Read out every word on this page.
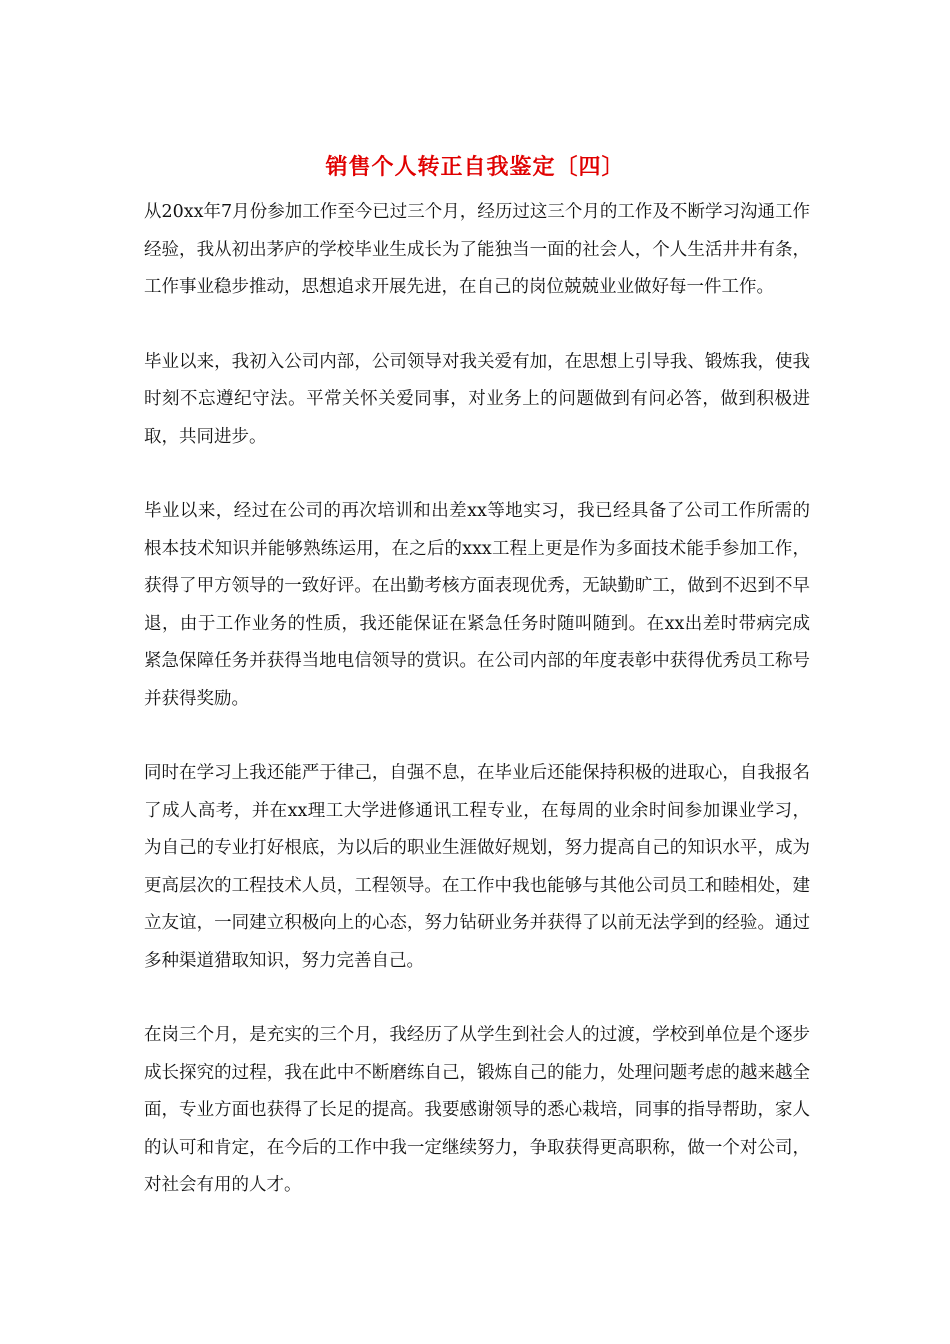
销售个人转正自我鉴定〔四〕

从20xx年7月份参加工作至今已过三个月，经历过这三个月的工作及不断学习沟通工作经验，我从初出茅庐的学校毕业生成长为了能独当一面的社会人，个人生活井井有条，工作事业稳步推动，思想追求开展先进，在自己的岗位兢兢业业做好每一件工作。

毕业以来，我初入公司内部，公司领导对我关爱有加，在思想上引导我、锻炼我，使我时刻不忘遵纪守法。平常关怀关爱同事，对业务上的问题做到有问必答，做到积极进取，共同进步。

毕业以来，经过在公司的再次培训和出差xx等地实习，我已经具备了公司工作所需的根本技术知识并能够熟练运用，在之后的xxx工程上更是作为多面技术能手参加工作，获得了甲方领导的一致好评。在出勤考核方面表现优秀，无缺勤旷工，做到不迟到不早退，由于工作业务的性质，我还能保证在紧急任务时随叫随到。在xx出差时带病完成紧急保障任务并获得当地电信领导的赏识。在公司内部的年度表彰中获得优秀员工称号并获得奖励。

同时在学习上我还能严于律己，自强不息，在毕业后还能保持积极的进取心，自我报名了成人高考，并在xx理工大学进修通讯工程专业，在每周的业余时间参加课业学习，为自己的专业打好根底，为以后的职业生涯做好规划，努力提高自己的知识水平，成为更高层次的工程技术人员，工程领导。在工作中我也能够与其他公司员工和睦相处，建立友谊，一同建立积极向上的心态，努力钻研业务并获得了以前无法学到的经验。通过多种渠道猎取知识，努力完善自己。

在岗三个月，是充实的三个月，我经历了从学生到社会人的过渡，学校到单位是个逐步成长探究的过程，我在此中不断磨练自己，锻炼自己的能力，处理问题考虑的越来越全面，专业方面也获得了长足的提高。我要感谢领导的悉心栽培，同事的指导帮助，家人的认可和肯定，在今后的工作中我一定继续努力，争取获得更高职称，做一个对公司，对社会有用的人才。
